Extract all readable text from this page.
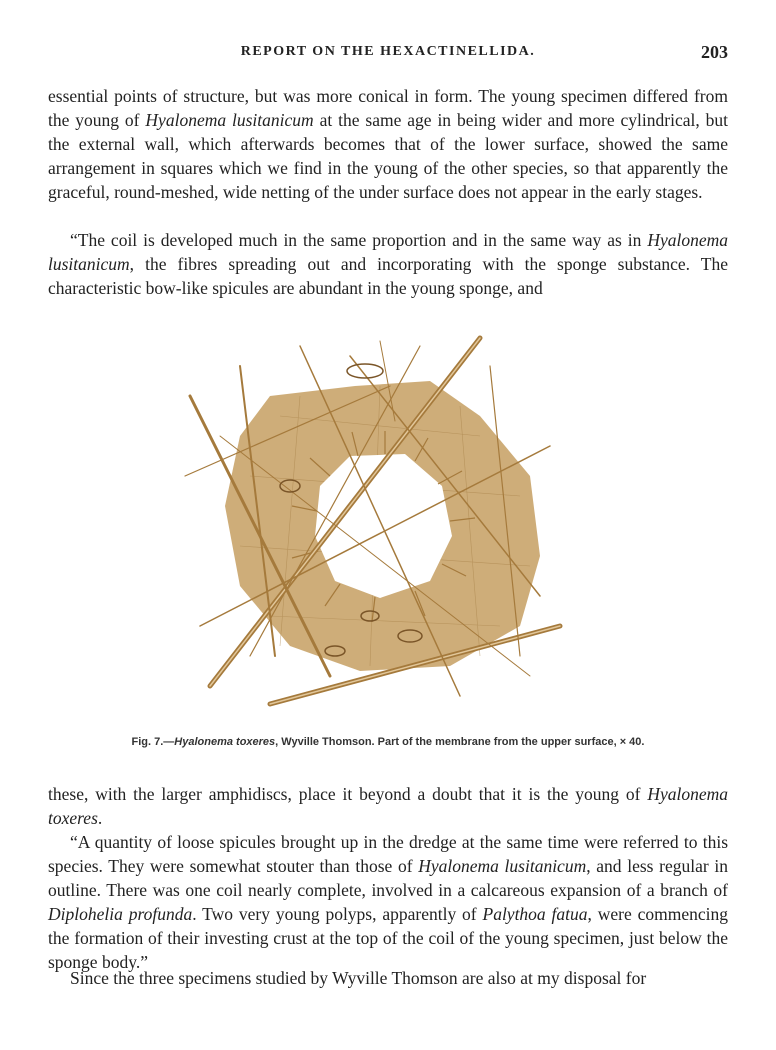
REPORT ON THE HEXACTINELLIDA.	203

essential points of structure, but was more conical in form. The young specimen differed from the young of Hyalonema lusitanicum at the same age in being wider and more cylindrical, but the external wall, which afterwards becomes that of the lower surface, showed the same arrangement in squares which we find in the young of the other species, so that apparently the graceful, round-meshed, wide netting of the under surface does not appear in the early stages.

“The coil is developed much in the same proportion and in the same way as in Hyalonema lusitanicum, the fibres spreading out and incorporating with the sponge substance. The characteristic bow-like spicules are abundant in the young sponge, and

Fig. 7.—Hyalonema toxeres, Wyville Thomson. Part of the membrane from the upper surface, × 40.

these, with the larger amphidiscs, place it beyond a doubt that it is the young of Hyalonema toxeres.

“A quantity of loose spicules brought up in the dredge at the same time were referred to this species. They were somewhat stouter than those of Hyalonema lusitanicum, and less regular in outline. There was one coil nearly complete, involved in a calcareous expansion of a branch of Diplohelia profunda. Two very young polyps, apparently of Palythoa fatua, were commencing the formation of their investing crust at the top of the coil of the young specimen, just below the sponge body.”

Since the three specimens studied by Wyville Thomson are also at my disposal for
